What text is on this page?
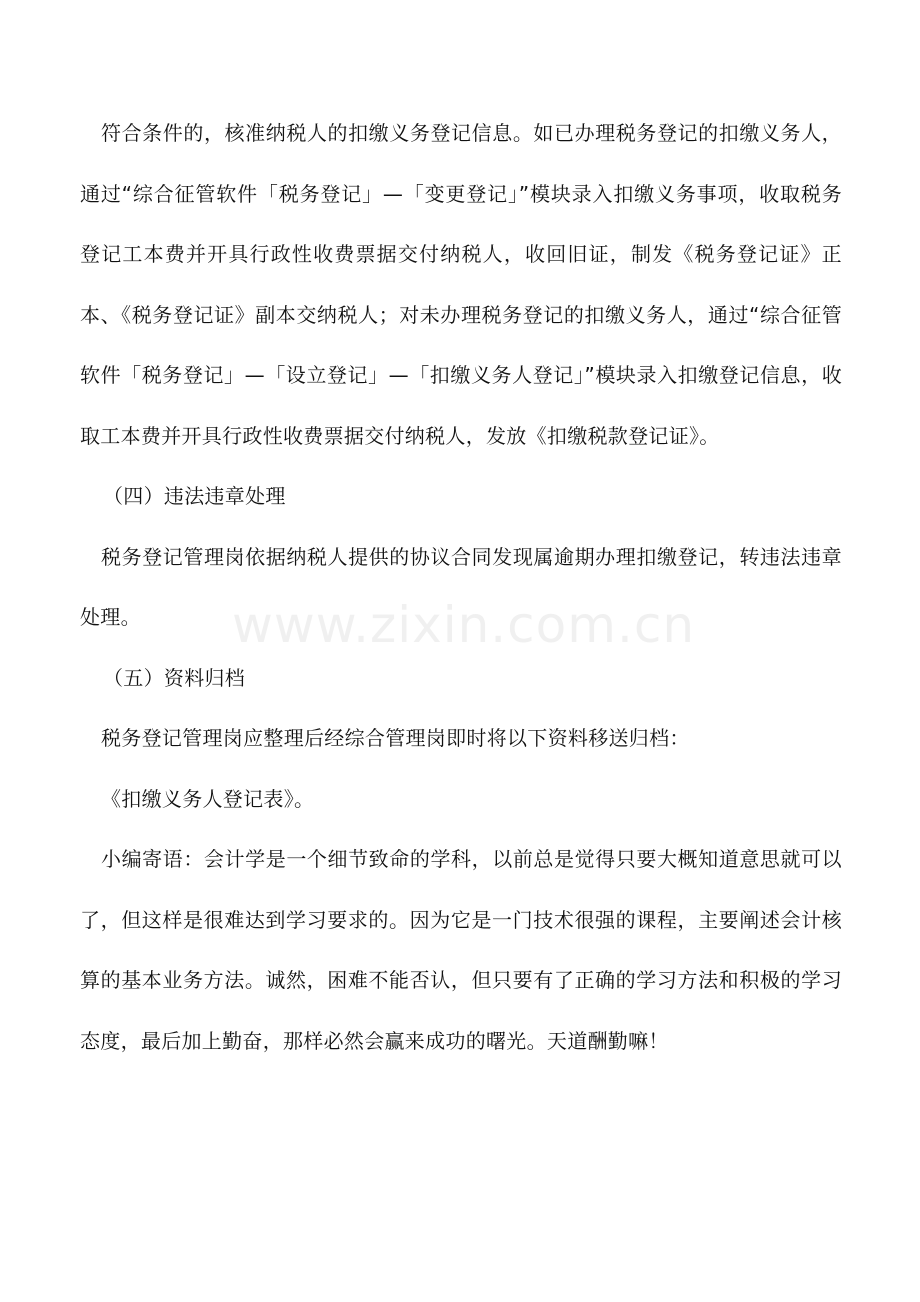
符合条件的，核准纳税人的扣缴义务登记信息。如已办理税务登记的扣缴义务人，通过“综合征管软件「税务登记」—「变更登记」”模块录入扣缴义务事项，收取税务登记工本费并开具行政性收费票据交付纳税人，收回旧证，制发《税务登记证》正本、《税务登记证》副本交纳税人；对未办理税务登记的扣缴义务人，通过“综合征管软件「税务登记」—「设立登记」—「扣缴义务人登记」”模块录入扣缴登记信息，收取工本费并开具行政性收费票据交付纳税人，发放《扣缴税款登记证》。

（四）违法违章处理

税务登记管理岗依据纳税人提供的协议合同发现属逾期办理扣缴登记，转违法违章处理。

（五）资料归档

税务登记管理岗应整理后经综合管理岗即时将以下资料移送归档：

《扣缴义务人登记表》。

小编寄语：会计学是一个细节致命的学科，以前总是觉得只要大概知道意思就可以了，但这样是很难达到学习要求的。因为它是一门技术很强的课程，主要阐述会计核算的基本业务方法。诚然，困难不能否认，但只要有了正确的学习方法和积极的学习态度，最后加上勤奋，那样必然会赢来成功的曙光。天道酬勤嘛！

www.zixin.com.cn
